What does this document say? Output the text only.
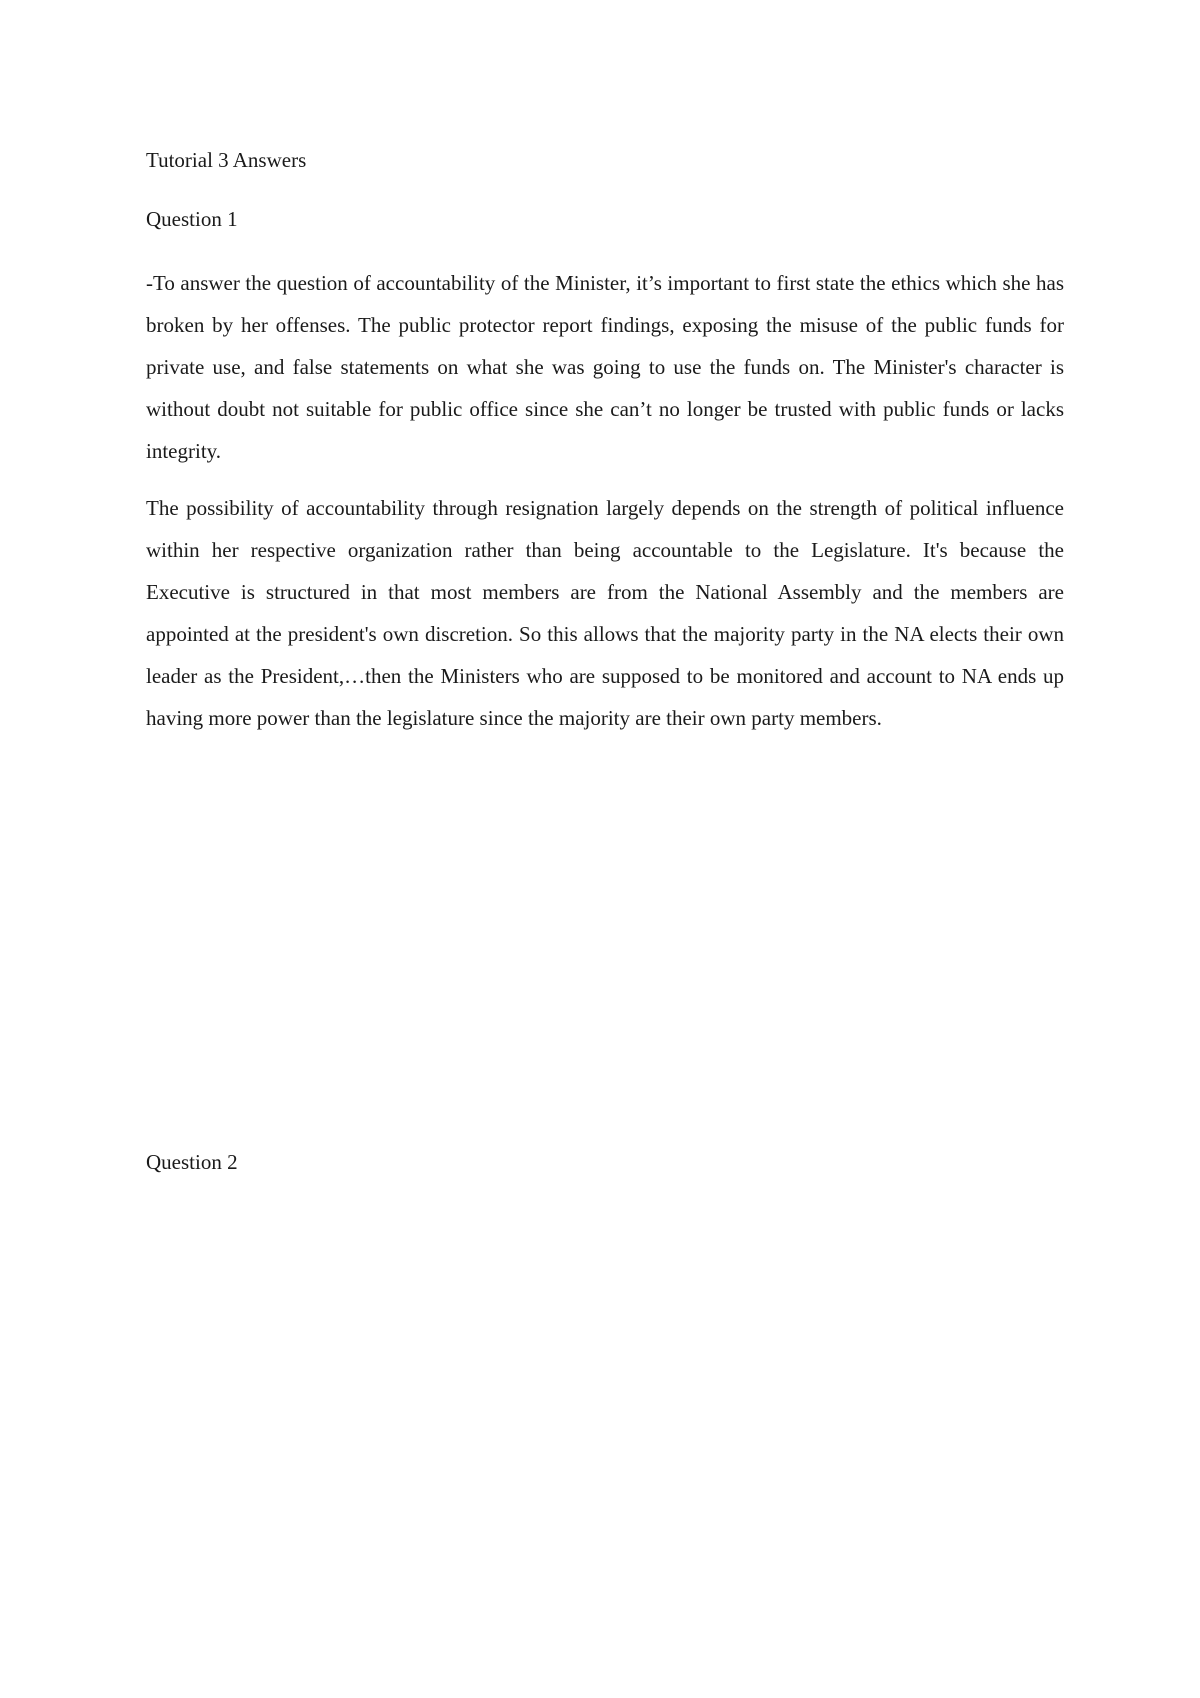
Tutorial 3 Answers

Question 1

-To answer the question of accountability of the Minister, it’s important to first state the ethics which she has broken by her offenses. The public protector report findings, exposing the misuse of the public funds for private use, and false statements on what she was going to use the funds on. The Minister's character is without doubt not suitable for public office since she can’t no longer be trusted with public funds or lacks integrity.

The possibility of accountability through resignation largely depends on the strength of political influence within her respective organization rather than being accountable to the Legislature. It's because the Executive is structured in that most members are from the National Assembly and the members are appointed at the president's own discretion. So this allows that the majority party in the NA elects their own leader as the President,…then the Ministers who are supposed to be monitored and account to NA ends up having more power than the legislature since the majority are their own party members.

Question 2
